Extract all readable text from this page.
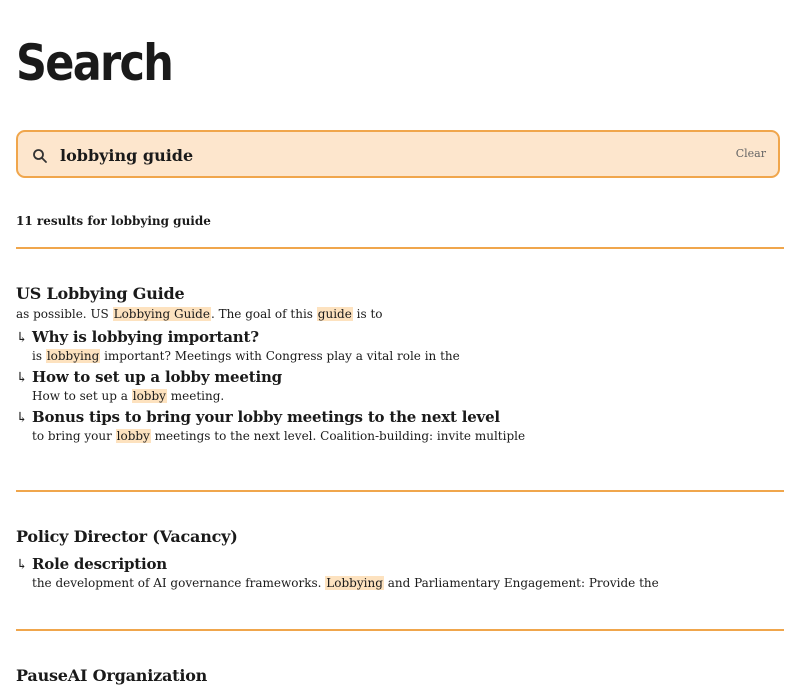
Search
lobbying guide
Clear
11 results for lobbying guide
US Lobbying Guide
as possible. US Lobbying Guide. The goal of this guide is to
↳ Why is lobbying important?
is lobbying important? Meetings with Congress play a vital role in the
↳ How to set up a lobby meeting
How to set up a lobby meeting.
↳ Bonus tips to bring your lobby meetings to the next level
to bring your lobby meetings to the next level. Coalition-building: invite multiple
Policy Director (Vacancy)
↳ Role description
the development of AI governance frameworks. Lobbying and Parliamentary Engagement: Provide the
PauseAI Organization
